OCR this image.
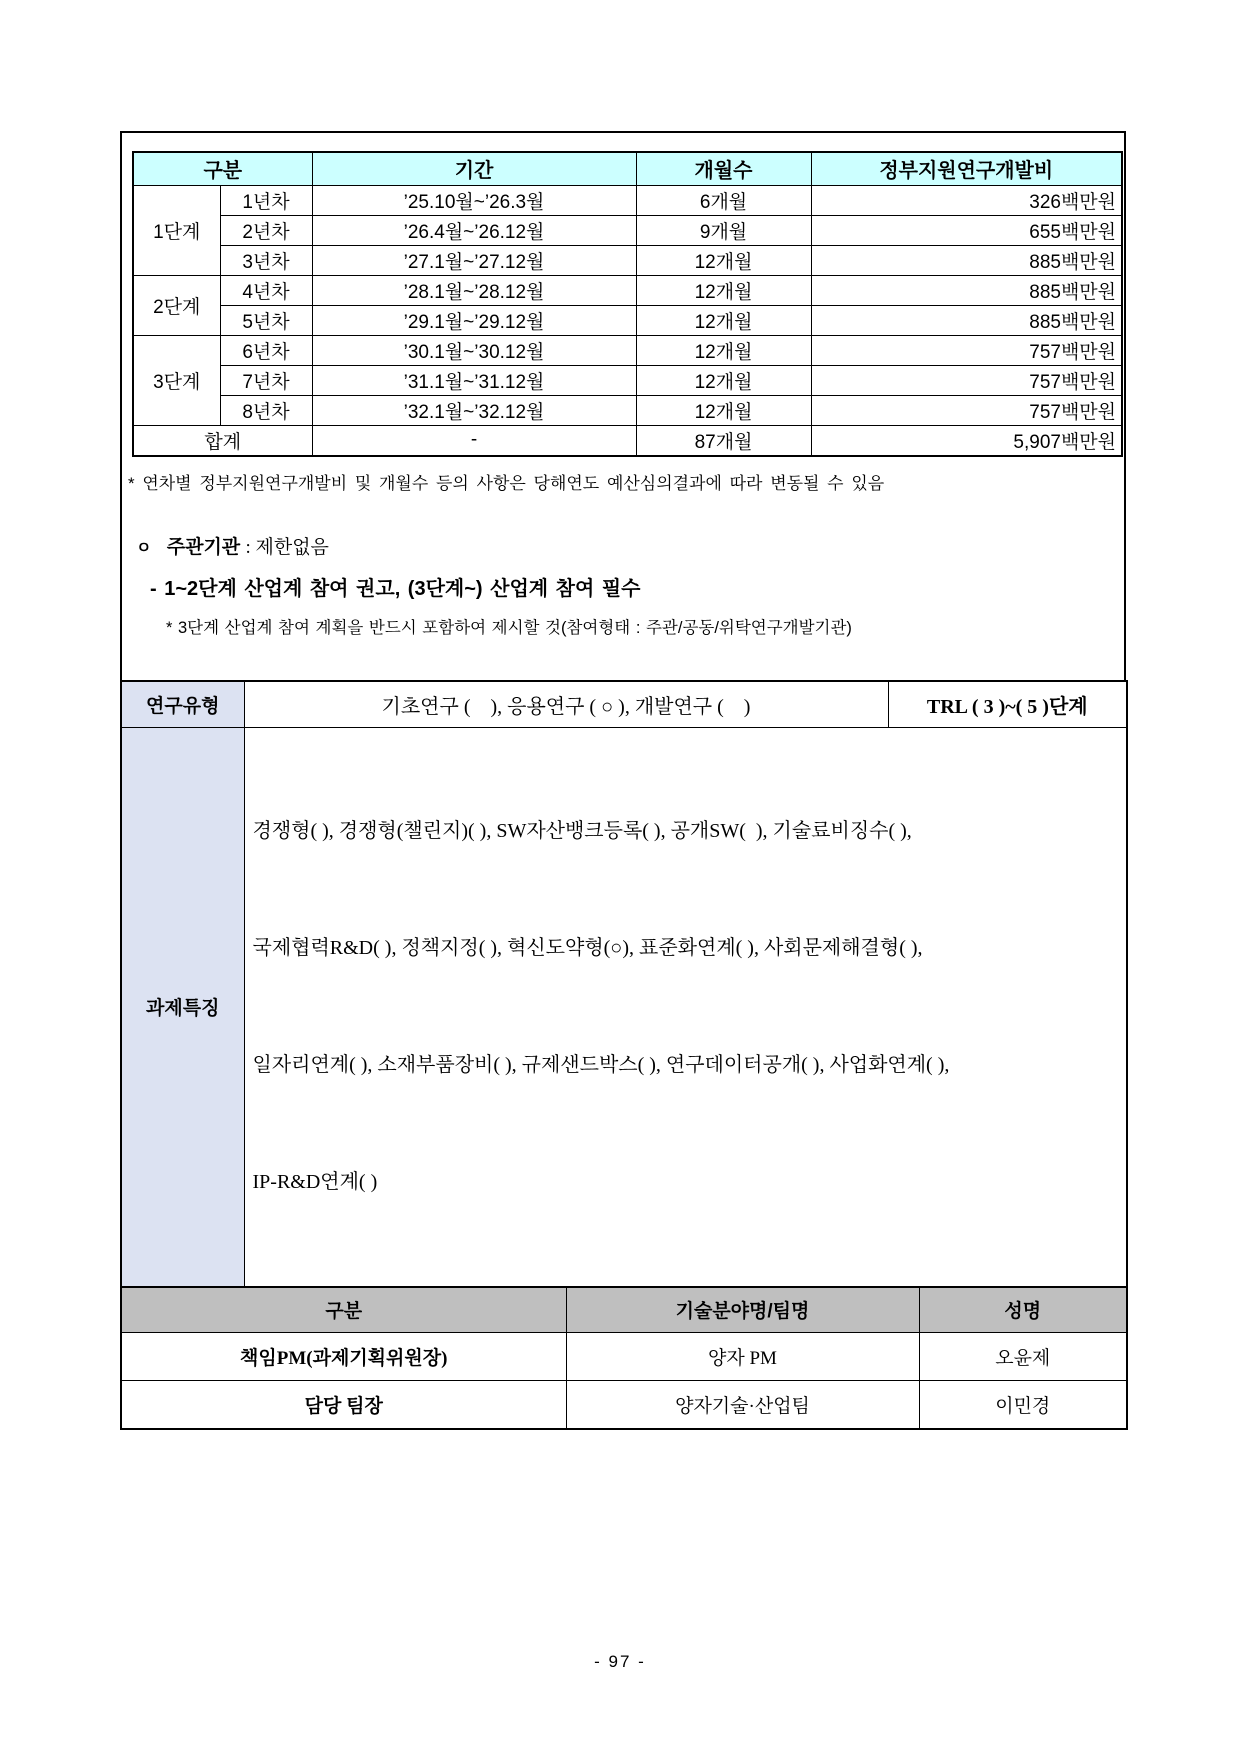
구분		기간	개월수	정부지원연구개발비
1단계	1년차	’25.10월~’26.3월	6개월	326백만원
	2년차	’26.4월~’26.12월	9개월	655백만원
	3년차	’27.1월~’27.12월	12개월	885백만원
2단계	4년차	’28.1월~’28.12월	12개월	885백만원
	5년차	’29.1월~’29.12월	12개월	885백만원
3단계	6년차	’30.1월~’30.12월	12개월	757백만원
	7년차	’31.1월~’31.12월	12개월	757백만원
	8년차	’32.1월~’32.12월	12개월	757백만원
합계		-	87개월	5,907백만원
* 연차별 정부지원연구개발비 및 개월수 등의 사항은 당해연도 예산심의결과에 따라 변동될 수 있음
ㅇ 주관기관 : 제한없음
- 1~2단계 산업계 참여 권고, (3단계~) 산업계 참여 필수
* 3단계 산업계 참여 계획을 반드시 포함하여 제시할 것(참여형태 : 주관/공동/위탁연구개발기관)
연구유형	기초연구 (    ), 응용연구 ( ○ ), 개발연구 (    )	TRL ( 3 )~( 5 )단계
과제특징	경쟁형( ), 경쟁형(챌린지)( ), SW자산뱅크등록( ), 공개SW(  ), 기술료비징수( ),

국제협력R&D( ), 정책지정( ), 혁신도약형(○), 표준화연계( ), 사회문제해결형( ),

일자리연계( ), 소재부품장비( ), 규제샌드박스( ), 연구데이터공개( ), 사업화연계( ),

IP-R&D연계( )	

구분	기술분야명/팀명	성명
책임PM(과제기획위원장)	양자 PM	오윤제
담당 팀장	양자기술·산업팀	이민경
- 97 -
